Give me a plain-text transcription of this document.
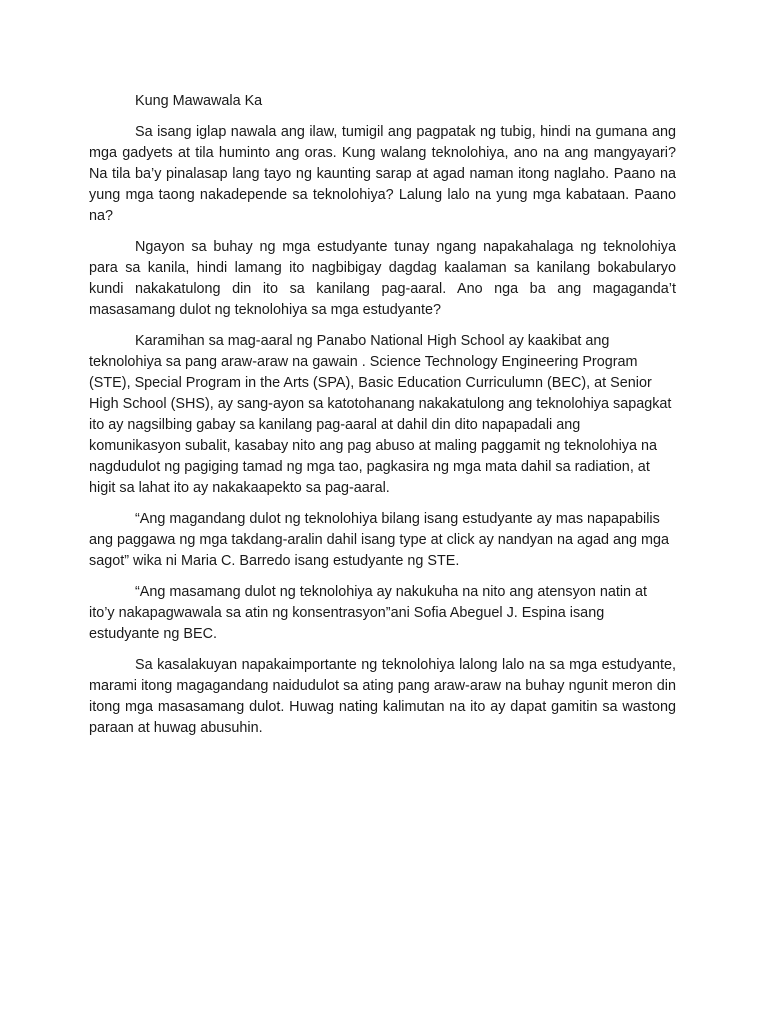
Kung Mawawala Ka

Sa isang iglap nawala ang ilaw, tumigil ang pagpatak ng tubig, hindi na gumana ang mga gadyets at tila huminto ang oras. Kung walang teknolohiya, ano na ang mangyayari? Na tila ba’y pinalasap lang tayo ng kaunting sarap at agad naman itong naglaho. Paano na yung mga taong nakadepende sa teknolohiya? Lalung lalo na yung mga kabataan. Paano na?

Ngayon sa buhay ng mga estudyante tunay ngang napakahalaga ng teknolohiya para sa kanila, hindi lamang ito nagbibigay dagdag kaalaman sa kanilang bokabularyo kundi nakakatulong din ito sa kanilang pag-aaral. Ano nga ba ang magaganda’t masasamang dulot ng teknolohiya sa mga estudyante?

Karamihan sa mag-aaral ng Panabo National High School ay kaakibat ang teknolohiya sa pang araw-araw na gawain . Science Technology Engineering Program (STE), Special Program in the Arts (SPA), Basic Education Curriculumn (BEC), at Senior High School (SHS), ay sang-ayon sa katotohanang nakakatulong ang teknolohiya sapagkat ito ay nagsilbing gabay sa kanilang pag-aaral at dahil din dito napapadali ang komunikasyon subalit, kasabay nito ang pag abuso at maling paggamit ng teknolohiya na nagdudulot ng pagiging tamad ng mga tao, pagkasira ng mga mata dahil sa radiation, at higit sa lahat ito ay nakakaapekto sa pag-aaral.

“Ang magandang dulot ng teknolohiya bilang isang estudyante ay mas napapabilis ang paggawa ng mga takdang-aralin dahil isang type at click ay nandyan na agad ang mga sagot” wika ni Maria C. Barredo isang estudyante ng STE.

“Ang masamang dulot ng teknolohiya ay nakukuha na nito ang atensyon natin at ito’y nakapagwawala sa atin ng konsentrasyon”ani Sofia Abeguel J. Espina isang estudyante ng BEC.

Sa kasalakuyan napakaimportante ng teknolohiya lalong lalo na sa mga estudyante, marami itong magagandang naidudulot sa ating pang araw-araw na buhay ngunit meron din itong mga masasamang dulot. Huwag nating kalimutan na ito ay dapat gamitin sa wastong paraan at huwag abusuhin.
